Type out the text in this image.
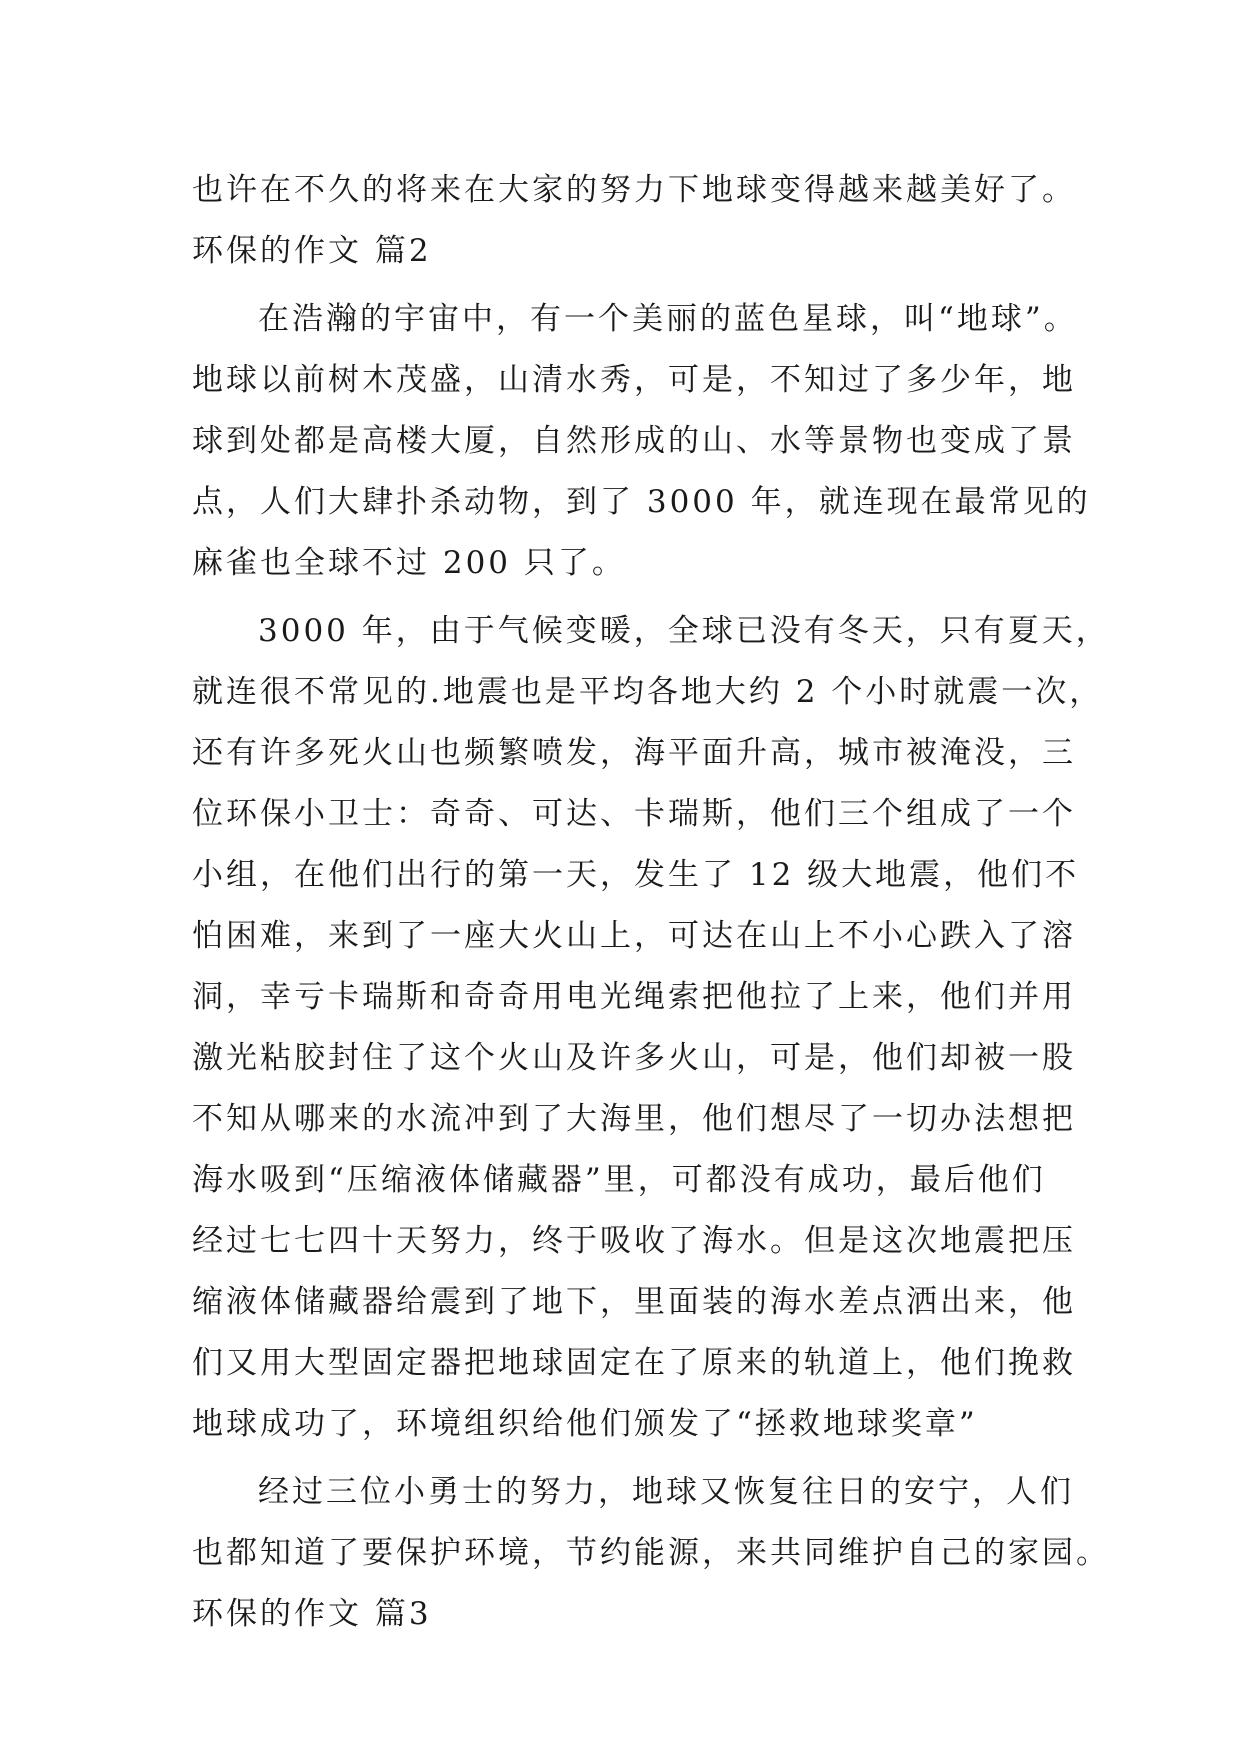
也许在不久的将来在大家的努力下地球变得越来越美好了。
环保的作文 篇2
在浩瀚的宇宙中，有一个美丽的蓝色星球，叫“地球”。
地球以前树木茂盛，山清水秀，可是，不知过了多少年，地
球到处都是高楼大厦，自然形成的山、水等景物也变成了景
点，人们大肆扑杀动物，到了 3000 年，就连现在最常见的
麻雀也全球不过 200 只了。
3000 年，由于气候变暖，全球已没有冬天，只有夏天，
就连很不常见的.地震也是平均各地大约 2 个小时就震一次，
还有许多死火山也频繁喷发，海平面升高，城市被淹没，三
位环保小卫士：奇奇、可达、卡瑞斯，他们三个组成了一个
小组，在他们出行的第一天，发生了 12 级大地震，他们不
怕困难，来到了一座大火山上，可达在山上不小心跌入了溶
洞，幸亏卡瑞斯和奇奇用电光绳索把他拉了上来，他们并用
激光粘胶封住了这个火山及许多火山，可是，他们却被一股
不知从哪来的水流冲到了大海里，他们想尽了一切办法想把
海水吸到“压缩液体储藏器”里，可都没有成功，最后他们
经过七七四十天努力，终于吸收了海水。但是这次地震把压
缩液体储藏器给震到了地下，里面装的海水差点洒出来，他
们又用大型固定器把地球固定在了原来的轨道上，他们挽救
地球成功了，环境组织给他们颁发了“拯救地球奖章”
经过三位小勇士的努力，地球又恢复往日的安宁，人们
也都知道了要保护环境，节约能源，来共同维护自己的家园。
环保的作文 篇3
